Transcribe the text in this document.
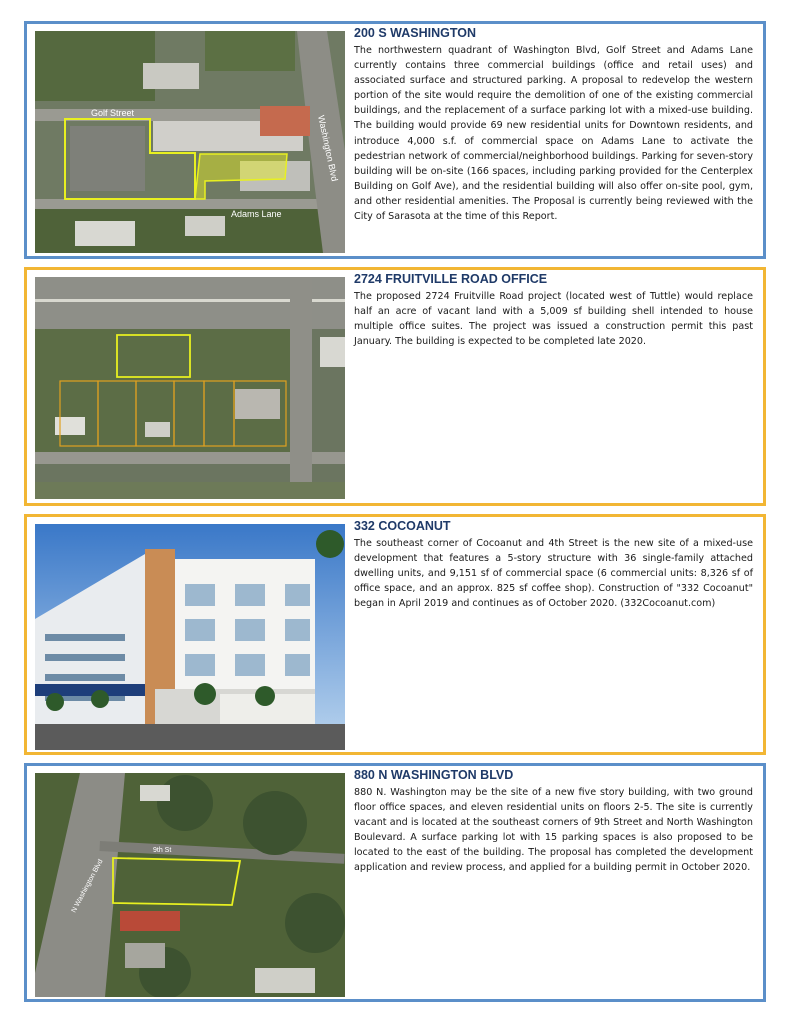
Golf Street
Adams Lane
Washington Blvd
200 S WASHINGTON

The northwestern quadrant of Washington Blvd, Golf Street and Adams Lane currently contains three commercial buildings (office and retail uses) and associated surface and structured parking. A proposal to redevelop the western portion of the site would require the demolition of one of the existing commercial buildings, and the replacement of a surface parking lot with a mixed-use building. The building would provide 69 new residential units for Downtown residents, and introduce 4,000 s.f. of commercial space on Adams Lane to activate the pedestrian network of commercial/neighborhood buildings. Parking for seven-story building will be on-site (166 spaces, including parking provided for the Centerplex Building on Golf Ave), and the residential building will also offer on-site pool, gym, and other residential amenities. The Proposal is currently being reviewed with the City of Sarasota at the time of this Report.

2724 FRUITVILLE ROAD OFFICE

The proposed 2724 Fruitville Road project (located west of Tuttle) would replace half an acre of vacant land with a 5,009 sf building shell intended to house multiple office suites. The project was issued a construction permit this past January. The building is expected to be completed late 2020.

332 COCOANUT

The southeast corner of Cocoanut and 4th Street is the new site of a mixed-use development that features a 5-story structure with 36 single-family attached dwelling units, and 9,151 sf of commercial space (6 commercial units: 8,326 sf of office space, and an approx. 825 sf coffee shop). Construction of "332 Cocoanut" began in April 2019 and continues as of October 2020. (332Cocoanut.com)

9th St
N Washington Blvd
880 N WASHINGTON BLVD

880 N. Washington may be the site of a new five story building, with two ground floor office spaces, and eleven residential units on floors 2-5. The site is currently vacant and is located at the southeast corners of 9th Street and North Washington Boulevard. A surface parking lot with 15 parking spaces is also proposed to be located to the east of the building. The proposal has completed the development application and review process, and applied for a building permit in October 2020.
